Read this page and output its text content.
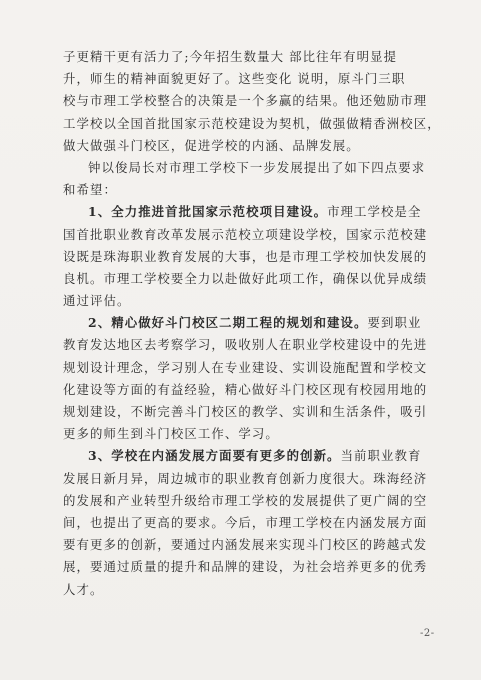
子更精干更有活力了;今年招生数量大 部比往年有明显提
升，师生的精神面貌更好了。这些变化 说明，原斗门三职
校与市理工学校整合的决策是一个多赢的结果。他还勉励市理
工学校以全国首批国家示范校建设为契机，做强做精香洲校区，
做大做强斗门校区，促进学校的内涵、品牌发展。
钟以俊局长对市理工学校下一步发展提出了如下四点要求
和希望：
1、全力推进首批国家示范校项目建设。市理工学校是全
国首批职业教育改革发展示范校立项建设学校，国家示范校建
设既是珠海职业教育发展的大事，也是市理工学校加快发展的
良机。市理工学校要全力以赴做好此项工作，确保以优异成绩
通过评估。
2、精心做好斗门校区二期工程的规划和建设。要到职业
教育发达地区去考察学习，吸收别人在职业学校建设中的先进
规划设计理念，学习别人在专业建设、实训设施配置和学校文
化建设等方面的有益经验，精心做好斗门校区现有校园用地的
规划建设，不断完善斗门校区的教学、实训和生活条件，吸引
更多的师生到斗门校区工作、学习。
3、学校在内涵发展方面要有更多的创新。当前职业教育
发展日新月异，周边城市的职业教育创新力度很大。珠海经济
的发展和产业转型升级给市理工学校的发展提供了更广阔的空
间，也提出了更高的要求。今后，市理工学校在内涵发展方面
要有更多的创新，要通过内涵发展来实现斗门校区的跨越式发
展，要通过质量的提升和品牌的建设，为社会培养更多的优秀
人才。
-2-
